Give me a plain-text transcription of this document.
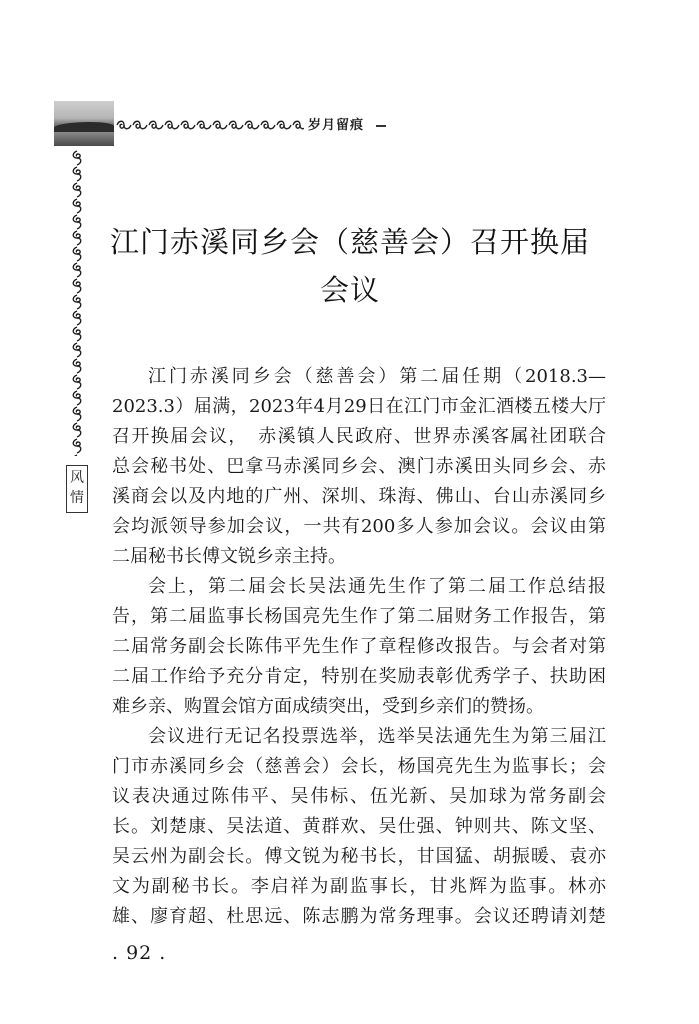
岁月留痕
风
情
江门赤溪同乡会（慈善会）召开换届
会议
江门赤溪同乡会（慈善会）第二届任期（2018.3—
2023.3）届满，2023年4月29日在江门市金汇酒楼五楼大厅
召开换届会议，　赤溪镇人民政府、世界赤溪客属社团联合
总会秘书处、巴拿马赤溪同乡会、澳门赤溪田头同乡会、赤
溪商会以及内地的广州、深圳、珠海、佛山、台山赤溪同乡
会均派领导参加会议，一共有200多人参加会议。会议由第
二届秘书长傅文锐乡亲主持。
会上，第二届会长吴法通先生作了第二届工作总结报
告，第二届监事长杨国亮先生作了第二届财务工作报告，第
二届常务副会长陈伟平先生作了章程修改报告。与会者对第
二届工作给予充分肯定，特别在奖励表彰优秀学子、扶助困
难乡亲、购置会馆方面成绩突出，受到乡亲们的赞扬。
会议进行无记名投票选举，选举吴法通先生为第三届江
门市赤溪同乡会（慈善会）会长，杨国亮先生为监事长；会
议表决通过陈伟平、吴伟标、伍光新、吴加球为常务副会
长。刘楚康、吴法道、黄群欢、吴仕强、钟则共、陈文坚、
吴云州为副会长。傅文锐为秘书长，甘国猛、胡振暖、袁亦
文为副秘书长。李启祥为副监事长，甘兆辉为监事。林亦
雄、廖育超、杜思远、陈志鹏为常务理事。会议还聘请刘楚
. 92 .
